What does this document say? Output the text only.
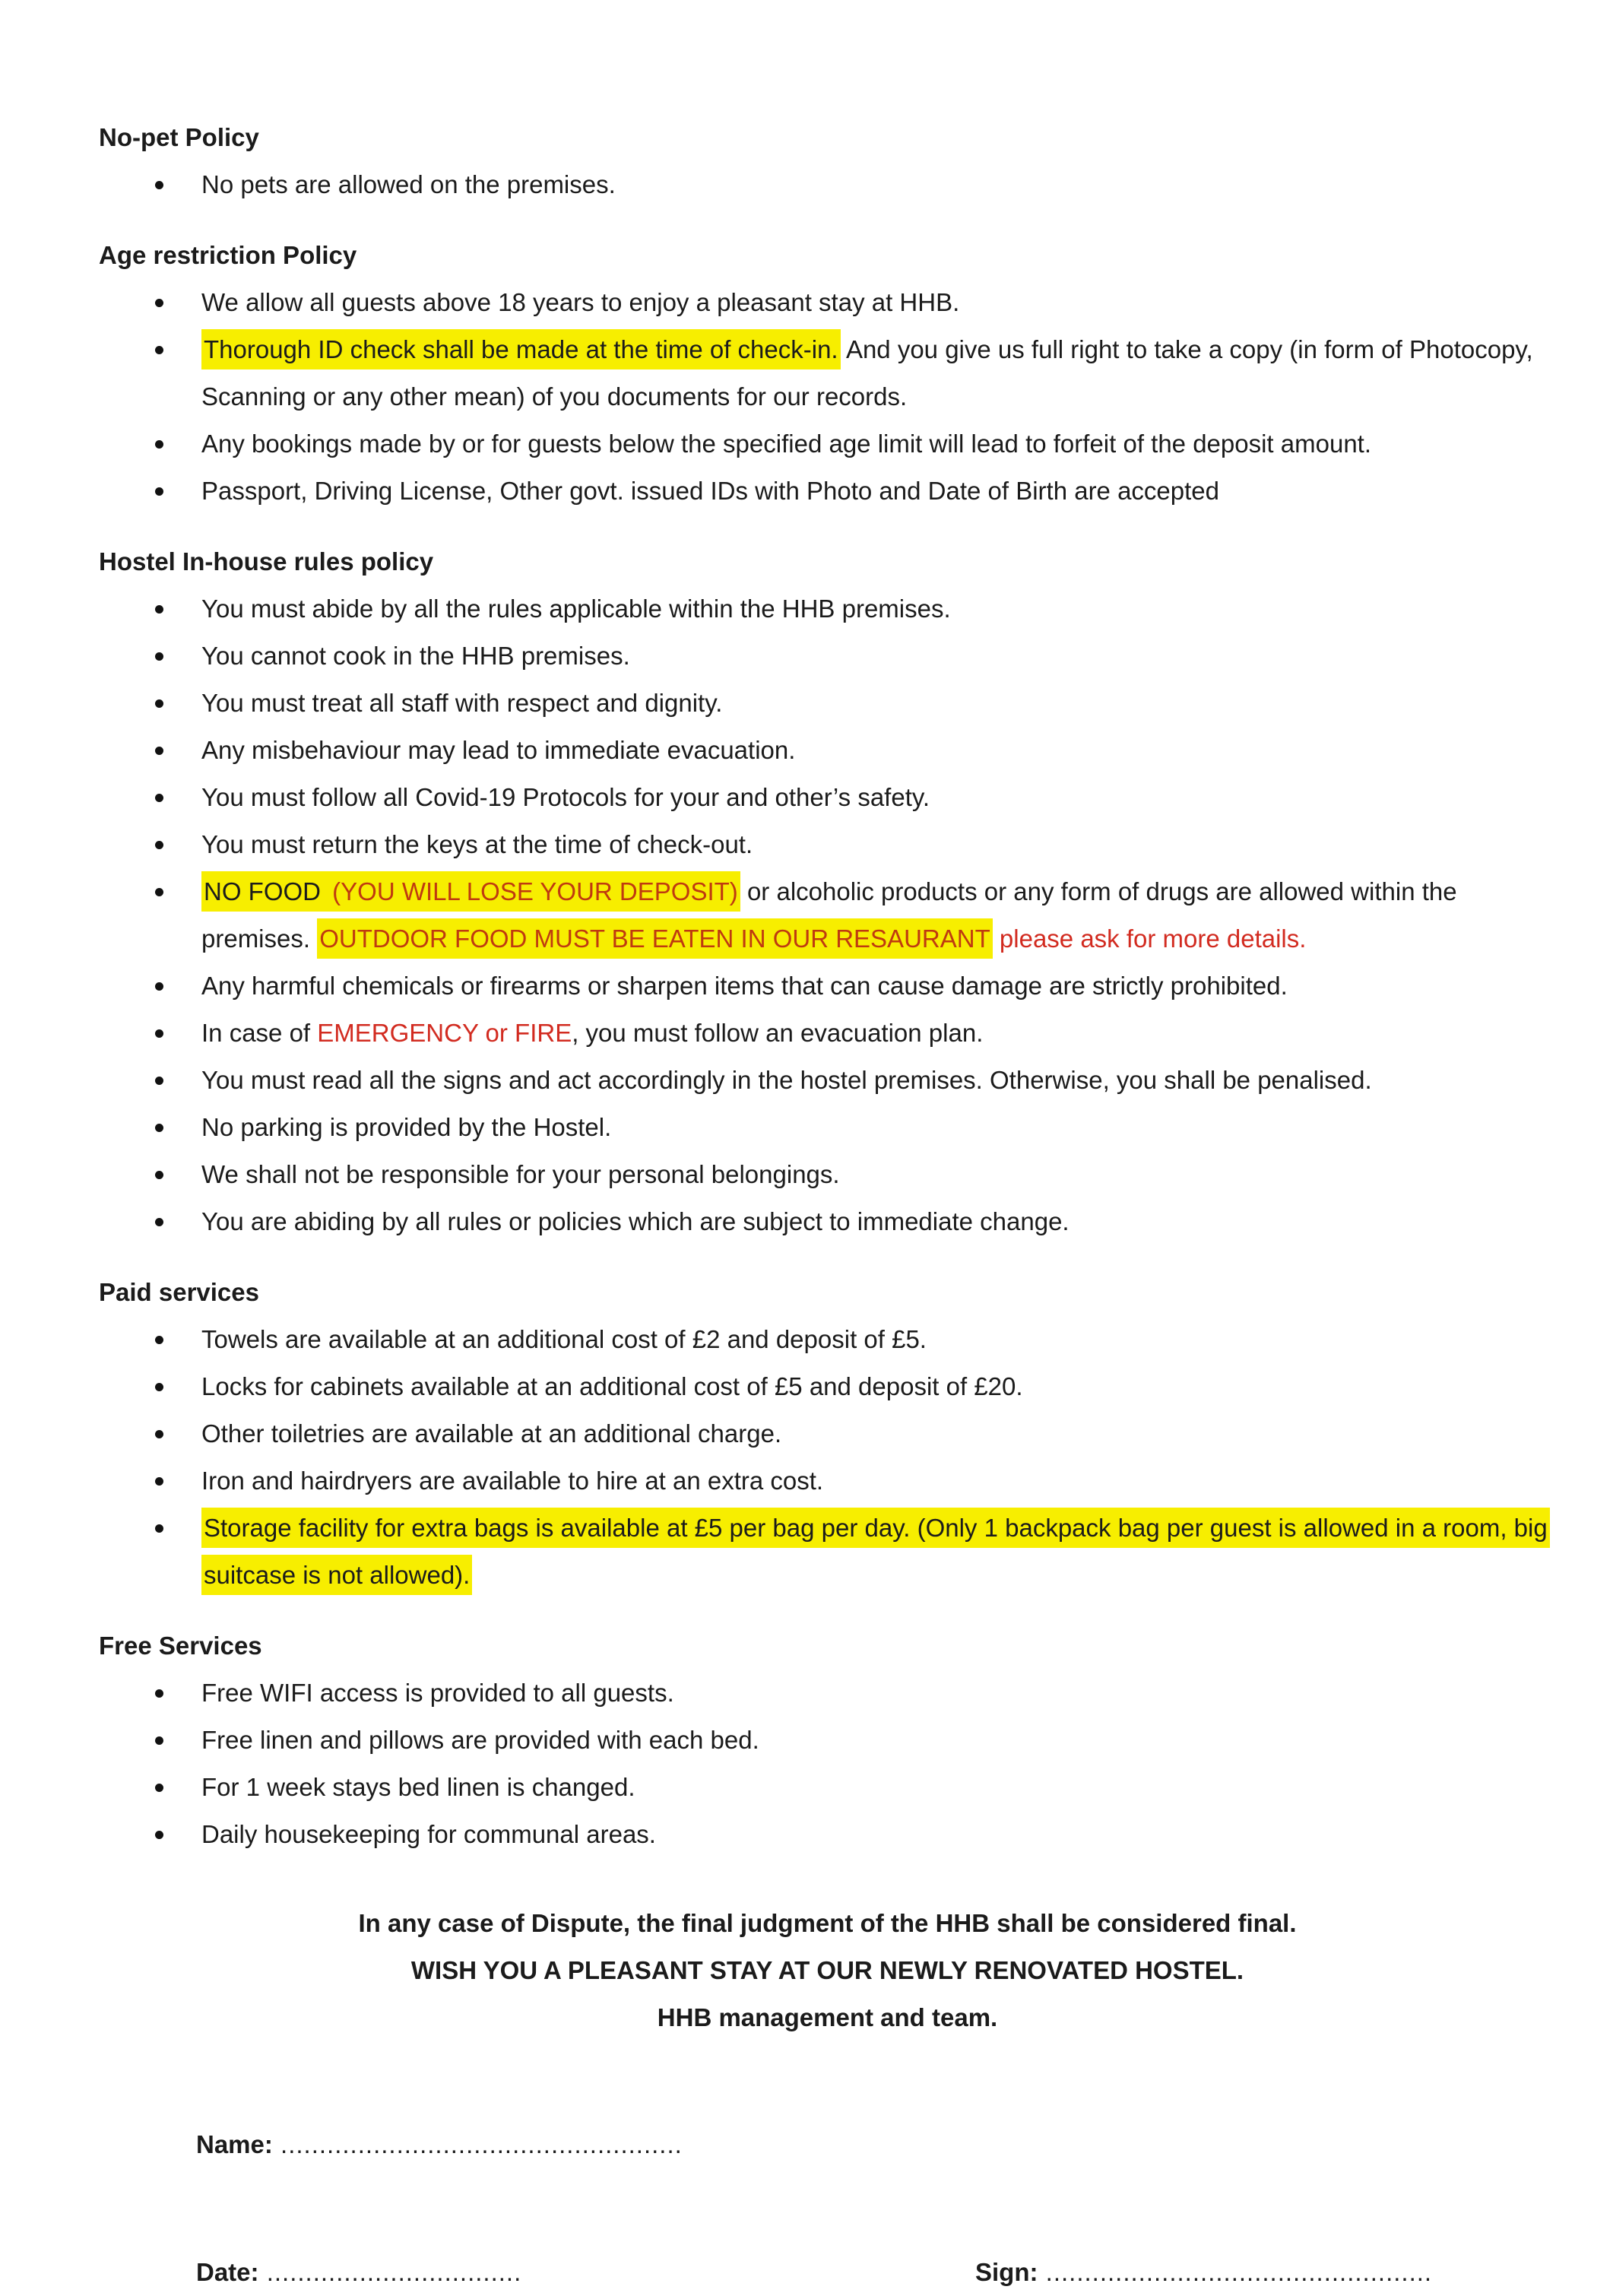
No-pet Policy
No pets are allowed on the premises.
Age restriction Policy
We allow all guests above 18 years to enjoy a pleasant stay at HHB.
Thorough ID check shall be made at the time of check-in. And you give us full right to take a copy (in form of Photocopy, Scanning or any other mean) of you documents for our records.
Any bookings made by or for guests below the specified age limit will lead to forfeit of the deposit amount.
Passport, Driving License, Other govt. issued IDs with Photo and Date of Birth are accepted
Hostel In-house rules policy
You must abide by all the rules applicable within the HHB premises.
You cannot cook in the HHB premises.
You must treat all staff with respect and dignity.
Any misbehaviour may lead to immediate evacuation.
You must follow all Covid-19 Protocols for your and other’s safety.
You must return the keys at the time of check-out.
NO FOOD (YOU WILL LOSE YOUR DEPOSIT) or alcoholic products or any form of drugs are allowed within the premises. OUTDOOR FOOD MUST BE EATEN IN OUR RESAURANT please ask for more details.
Any harmful chemicals or firearms or sharpen items that can cause damage are strictly prohibited.
In case of EMERGENCY or FIRE, you must follow an evacuation plan.
You must read all the signs and act accordingly in the hostel premises. Otherwise, you shall be penalised.
No parking is provided by the Hostel.
We shall not be responsible for your personal belongings.
You are abiding by all rules or policies which are subject to immediate change.
Paid services
Towels are available at an additional cost of £2 and deposit of £5.
Locks for cabinets available at an additional cost of £5 and deposit of £20.
Other toiletries are available at an additional charge.
Iron and hairdryers are available to hire at an extra cost.
Storage facility for extra bags is available at £5 per bag per day. (Only 1 backpack bag per guest is allowed in a room, big suitcase is not allowed).
Free Services
Free WIFI access is provided to all guests.
Free linen and pillows are provided with each bed.
For 1 week stays bed linen is changed.
Daily housekeeping for communal areas.

In any case of Dispute, the final judgment of the HHB shall be considered final.

WISH YOU A PLEASANT STAY AT OUR NEWLY RENOVATED HOSTEL.

HHB management and team.

Name: ....................................................
Date: .................................	Sign: ..................................................
